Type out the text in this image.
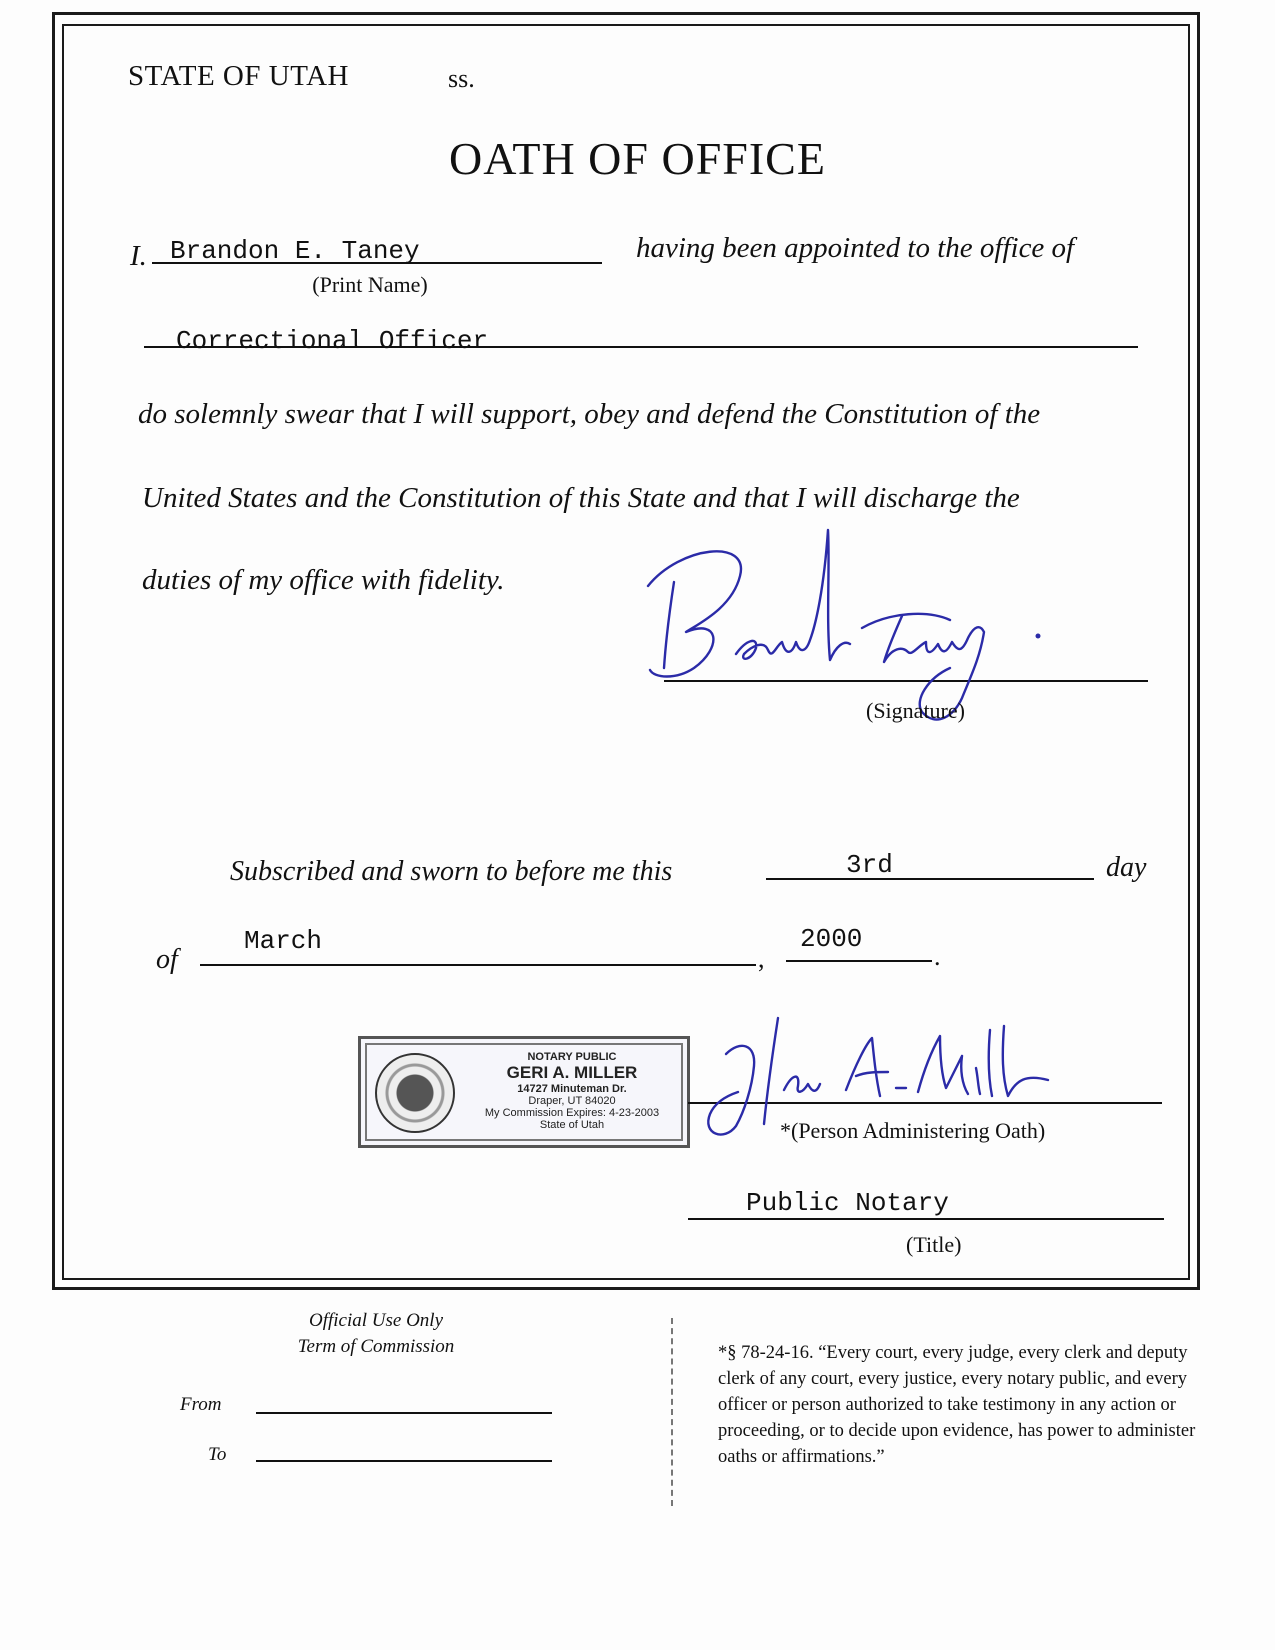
STATE OF UTAH	ss.
OATH OF OFFICE
I. Brandon E. Taney
(Print Name)
having been appointed to the office of
Correctional Officer
do solemnly swear that I will support, obey and defend the Constitution of the
United States and the Constitution of this State and that I will discharge the
duties of my office with fidelity.
(Signature)
Subscribed and sworn to before me this	3rd	day
of
March
,
2000
.
NOTARY PUBLIC
GERI A. MILLER
14727 Minuteman Dr.
Draper, UT 84020
My Commission Expires: 4-23-2003
State of Utah	*(Person Administering Oath)
Public Notary
(Title)
Official Use Only
Term of Commission
From
To
*§ 78-24-16. “Every court, every judge, every clerk and deputy clerk of any court, every justice, every notary public, and every officer or person authorized to take testimony in any action or proceeding, or to decide upon evidence, has power to administer oaths or affirmations.”
